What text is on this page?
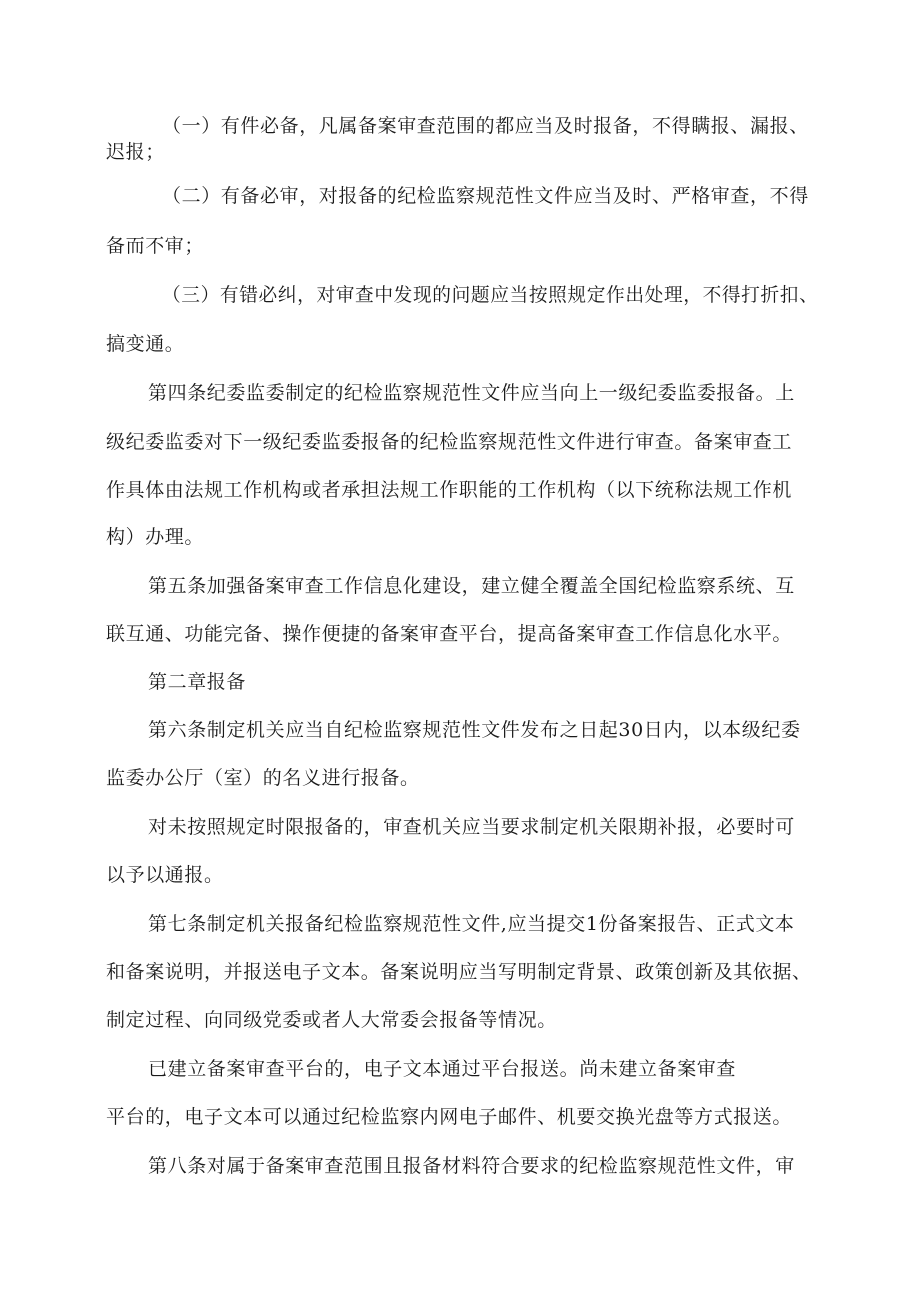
（一）有件必备，凡属备案审查范围的都应当及时报备，不得瞒报、漏报、
迟报；
（二）有备必审，对报备的纪检监察规范性文件应当及时、严格审查，不得
备而不审；
（三）有错必纠，对审查中发现的问题应当按照规定作出处理，不得打折扣、
搞变通。
第四条纪委监委制定的纪检监察规范性文件应当向上一级纪委监委报备。上
级纪委监委对下一级纪委监委报备的纪检监察规范性文件进行审查。备案审查工
作具体由法规工作机构或者承担法规工作职能的工作机构（以下统称法规工作机
构）办理。
第五条加强备案审查工作信息化建设，建立健全覆盖全国纪检监察系统、互
联互通、功能完备、操作便捷的备案审查平台，提高备案审查工作信息化水平。
第二章报备
第六条制定机关应当自纪检监察规范性文件发布之日起30日内，以本级纪委
监委办公厅（室）的名义进行报备。
对未按照规定时限报备的，审查机关应当要求制定机关限期补报，必要时可
以予以通报。
第七条制定机关报备纪检监察规范性文件,应当提交1份备案报告、正式文本
和备案说明，并报送电子文本。备案说明应当写明制定背景、政策创新及其依据、
制定过程、向同级党委或者人大常委会报备等情况。
已建立备案审查平台的，电子文本通过平台报送。尚未建立备案审查
平台的，电子文本可以通过纪检监察内网电子邮件、机要交换光盘等方式报送。
第八条对属于备案审查范围且报备材料符合要求的纪检监察规范性文件，审
